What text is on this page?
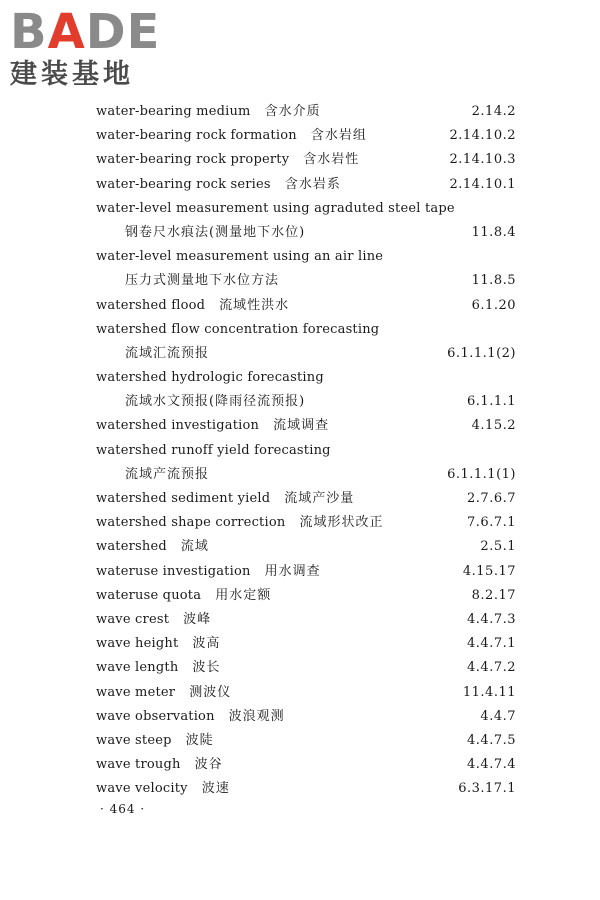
BADE
建装基地
water-bearing medium 含水介质	2.14.2
water-bearing rock formation 含水岩组	2.14.10.2
water-bearing rock property 含水岩性	2.14.10.3
water-bearing rock series 含水岩系	2.14.10.1
water-level measurement using agraduted steel tape
钢卷尺水痕法(测量地下水位)	11.8.4
water-level measurement using an air line
压力式测量地下水位方法	11.8.5
watershed flood 流域性洪水	6.1.20
watershed flow concentration forecasting
流域汇流预报	6.1.1.1(2)
watershed hydrologic forecasting
流域水文预报(降雨径流预报)	6.1.1.1
watershed investigation 流域调查	4.15.2
watershed runoff yield forecasting
流域产流预报	6.1.1.1(1)
watershed sediment yield 流域产沙量	2.7.6.7
watershed shape correction 流域形状改正	7.6.7.1
watershed 流域	2.5.1
wateruse investigation 用水调查	4.15.17
wateruse quota 用水定额	8.2.17
wave crest 波峰	4.4.7.3
wave height 波高	4.4.7.1
wave length 波长	4.4.7.2
wave meter 测波仪	11.4.11
wave observation 波浪观测	4.4.7
wave steep 波陡	4.4.7.5
wave trough 波谷	4.4.7.4
wave velocity 波速	6.3.17.1
· 464 ·
